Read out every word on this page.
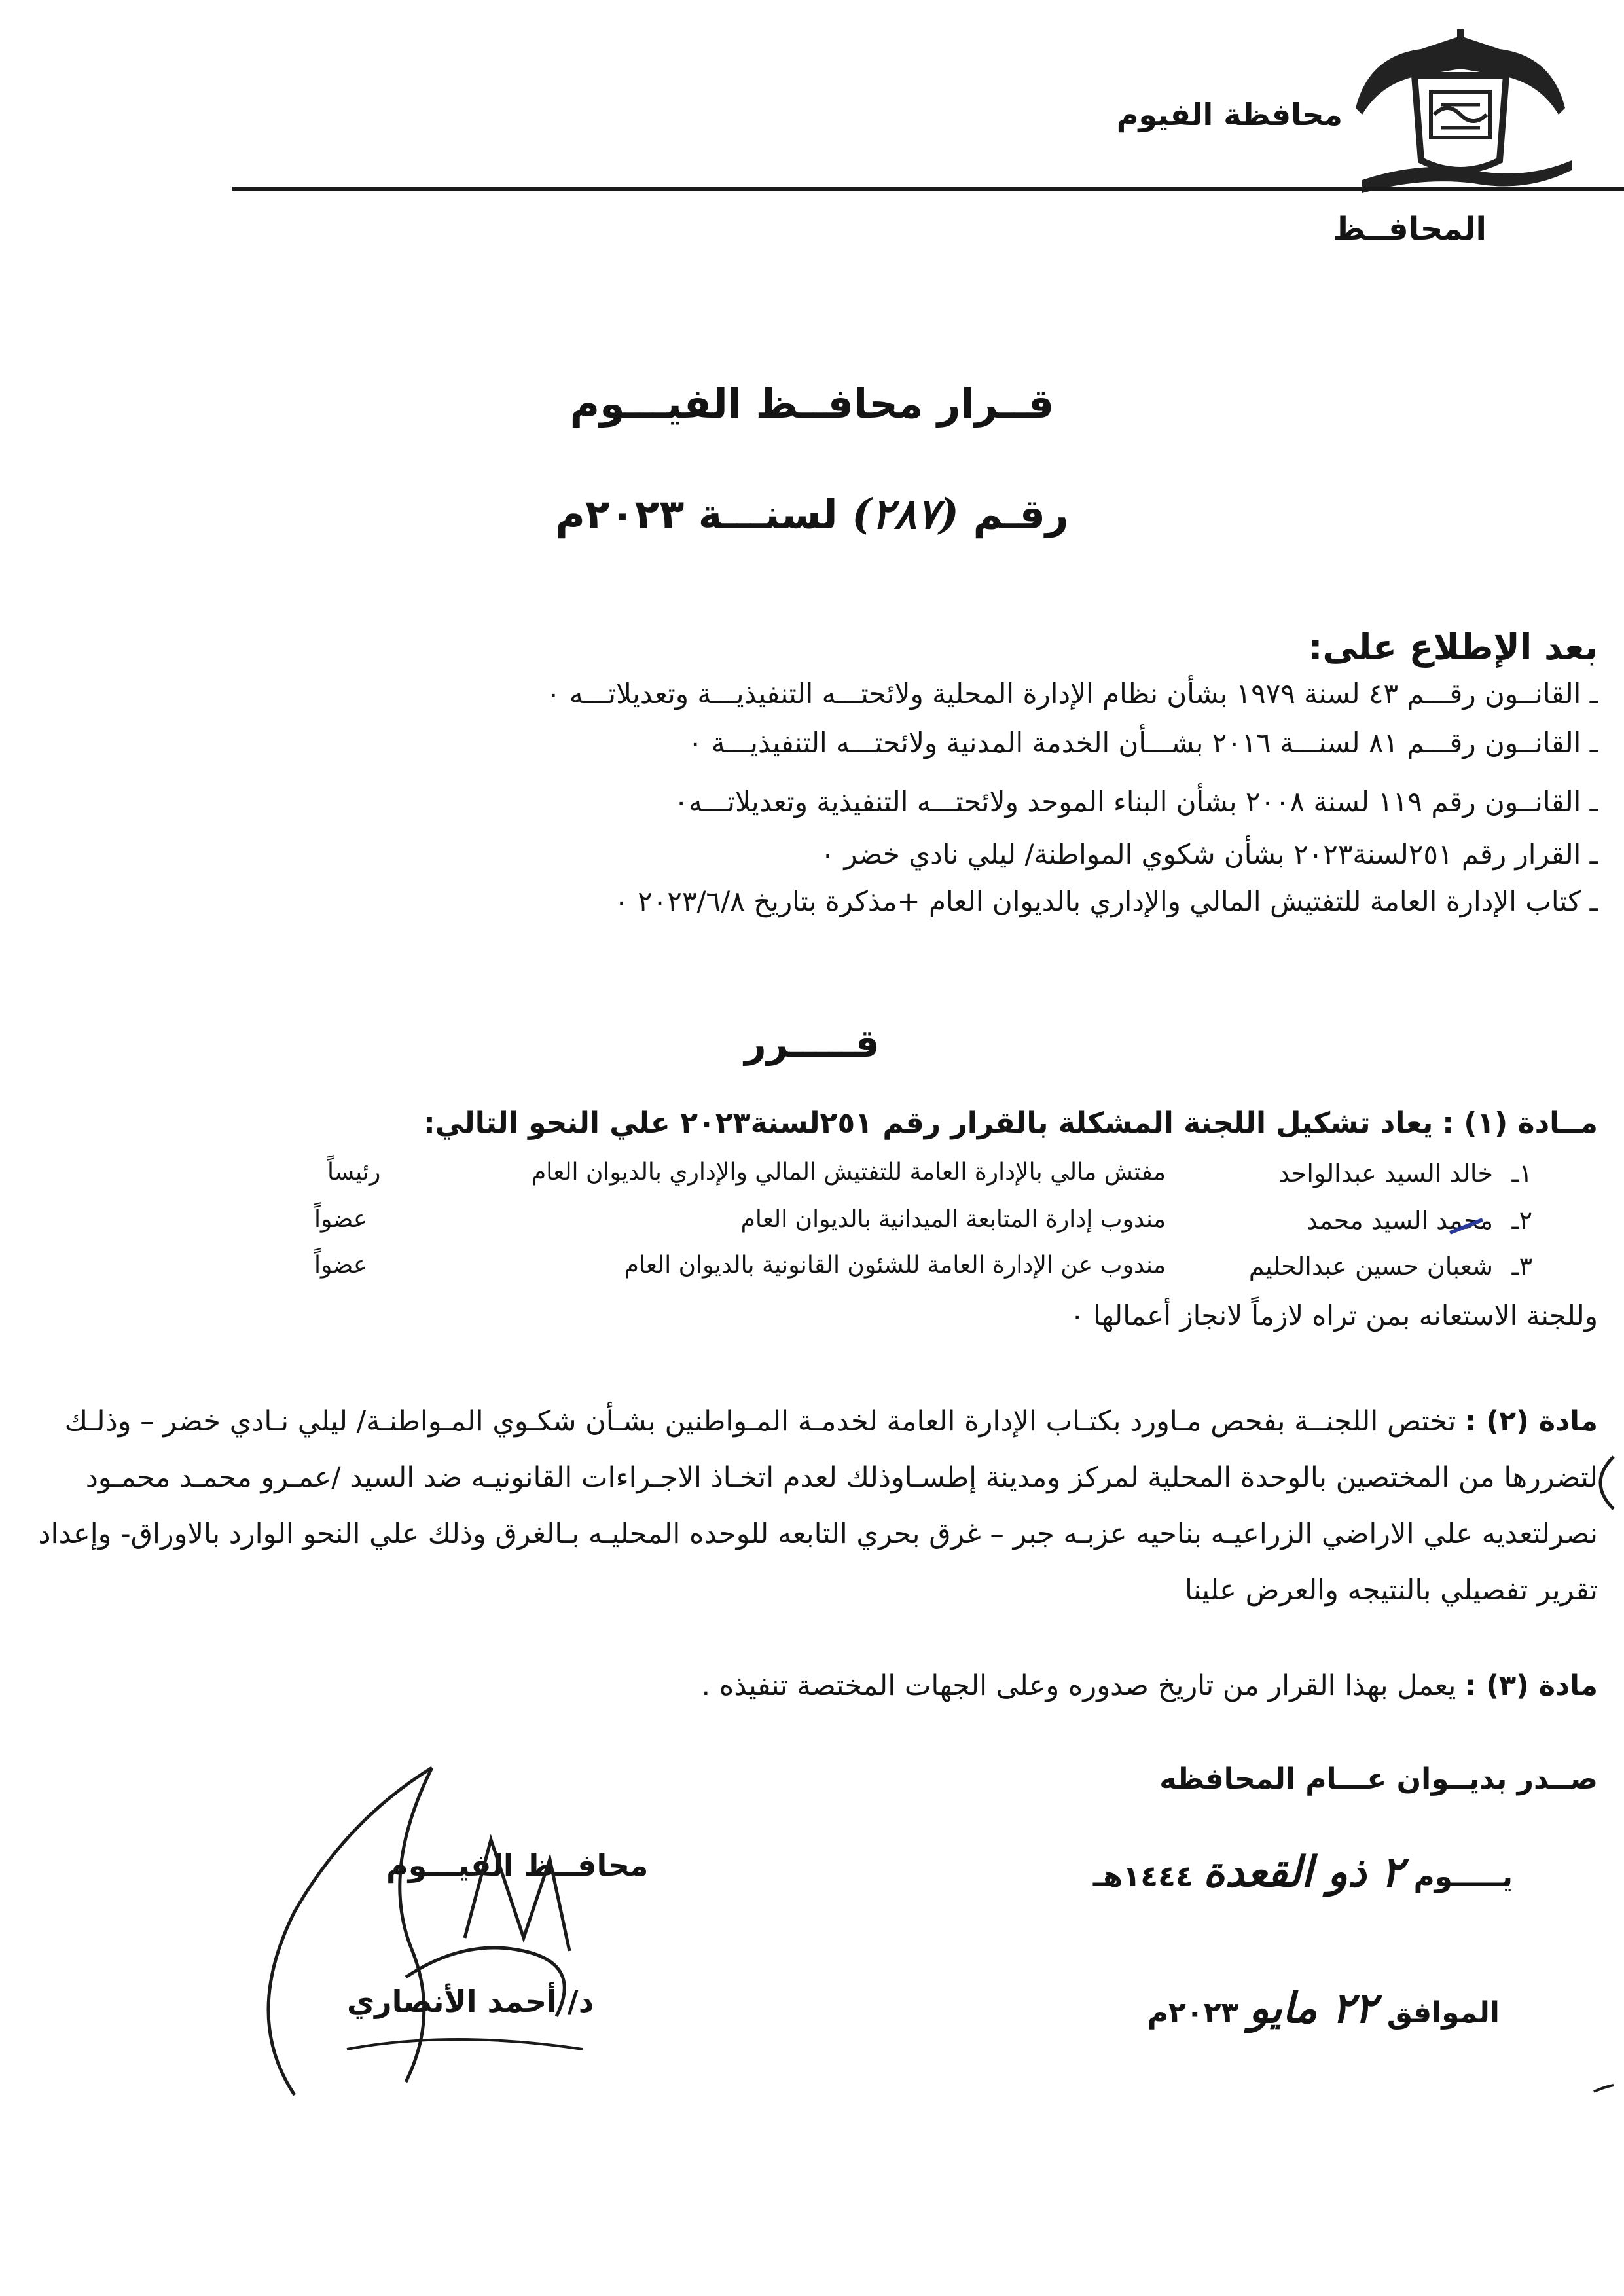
محافظة الفيوم
المحافــظ
قــرار محافــظ الفيـــوم
رقـم (٢٨٧) لسنـــة ٢٠٢٣م
بعد الإطلاع على:
ـ القانــون رقـــم ٤٣ لسنة ١٩٧٩ بشأن نظام الإدارة المحلية ولائحتـــه التنفيذيـــة وتعديلاتـــه ٠
ـ القانــون رقـــم ٨١ لسنـــة ٢٠١٦ بشـــأن الخدمة المدنية ولائحتـــه التنفيذيـــة ٠
ـ القانــون رقم ١١٩ لسنة ٢٠٠٨ بشأن البناء الموحد ولائحتـــه التنفيذية وتعديلاتـــه٠
ـ القرار رقم ٢٥١لسنة٢٠٢٣ بشأن شكوي المواطنة/ ليلي نادي خضر ٠
ـ كتاب الإدارة العامة للتفتيش المالي والإداري بالديوان العام +مذكرة بتاريخ ٢٠٢٣/٦/٨ ٠
قـــــرر
مــادة (١) : يعاد تشكيل اللجنة المشكلة بالقرار رقم ٢٥١لسنة٢٠٢٣ علي النحو التالي:
١ـ
خالد السيد عبدالواحد
مفتش مالي بالإدارة العامة للتفتيش المالي والإداري بالديوان العام
رئيساً
٢ـ
محمد السيد محمد
مندوب إدارة المتابعة الميدانية بالديوان العام
عضواً
٣ـ
شعبان حسين عبدالحليم
مندوب عن الإدارة العامة للشئون القانونية بالديوان العام
عضواً
وللجنة الاستعانه بمن تراه لازماً لانجاز أعمالها ٠
مادة (٢) : تختص اللجنــة بفحص مـاورد بكتـاب الإدارة العامة لخدمـة المـواطنين بشـأن شكـوي المـواطنـة/ ليلي نـادي خضر – وذلـك لتضررها من المختصين بالوحدة المحلية لمركز ومدينة إطسـاوذلك لعدم اتخـاذ الاجـراءات القانونيـه ضد السيد /عمـرو محمـد محمـود نصرلتعديه علي الاراضي الزراعيـه بناحيه عزبـه جبر – غرق بحري التابعه للوحده المحليـه بـالغرق وذلك علي النحو الوارد بالاوراق- وإعداد تقرير تفصيلي بالنتيجه والعرض علينا
مادة (٣) : يعمل بهذا القرار من تاريخ صدوره وعلى الجهات المختصة تنفيذه .
صــدر بديــوان عـــام المحافظه
يـــــوم ٢ ذو القعدة ١٤٤٤هـ
الموافق ٢٢ مايو ٢٠٢٣م
محافــظ الفيـــوم
د/ أحمد الأنصاري
